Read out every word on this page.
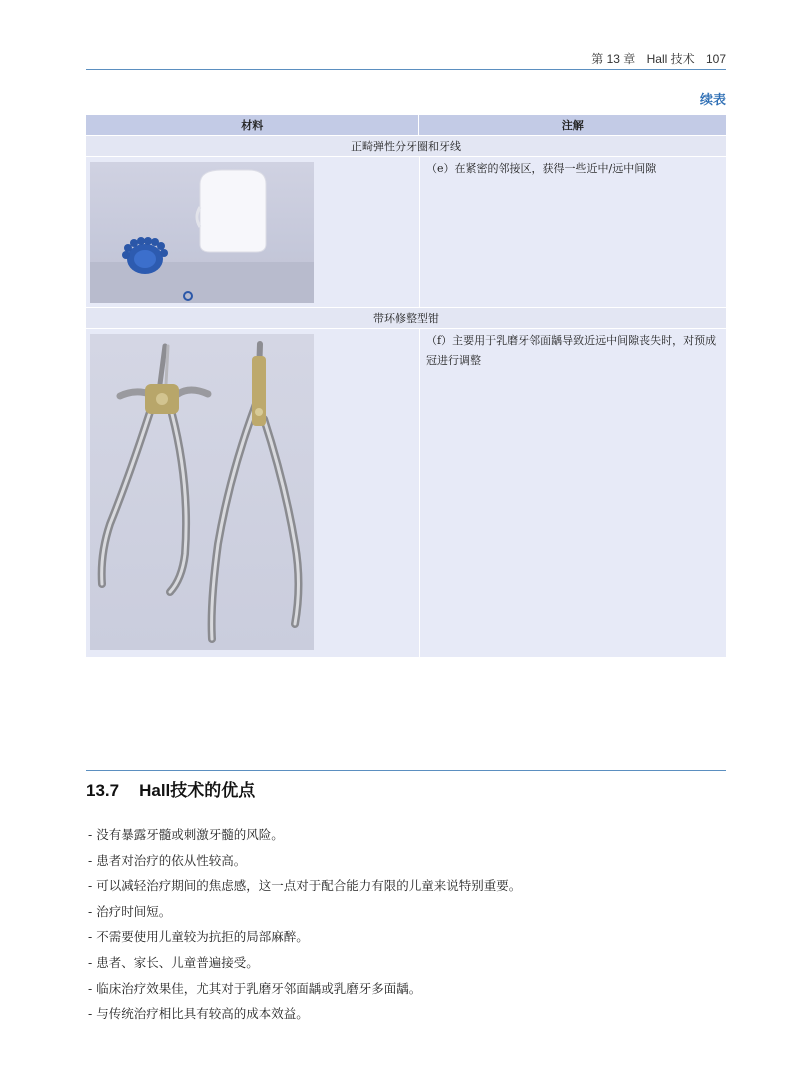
第 13 章 Hall 技术 107
续表
材料	注解
正畸弹性分牙圈和牙线
（e）在紧密的邻接区，获得一些近中/远中间隙
带环修整型钳
（f）主要用于乳磨牙邻面龋导致近远中间隙丧失时，对预成冠进行调整
13.7 Hall技术的优点
- 没有暴露牙髓或刺激牙髓的风险。
- 患者对治疗的依从性较高。
- 可以减轻治疗期间的焦虑感，这一点对于配合能力有限的儿童来说特别重要。
- 治疗时间短。
- 不需要使用儿童较为抗拒的局部麻醉。
- 患者、家长、儿童普遍接受。
- 临床治疗效果佳，尤其对于乳磨牙邻面龋或乳磨牙多面龋。
- 与传统治疗相比具有较高的成本效益。
